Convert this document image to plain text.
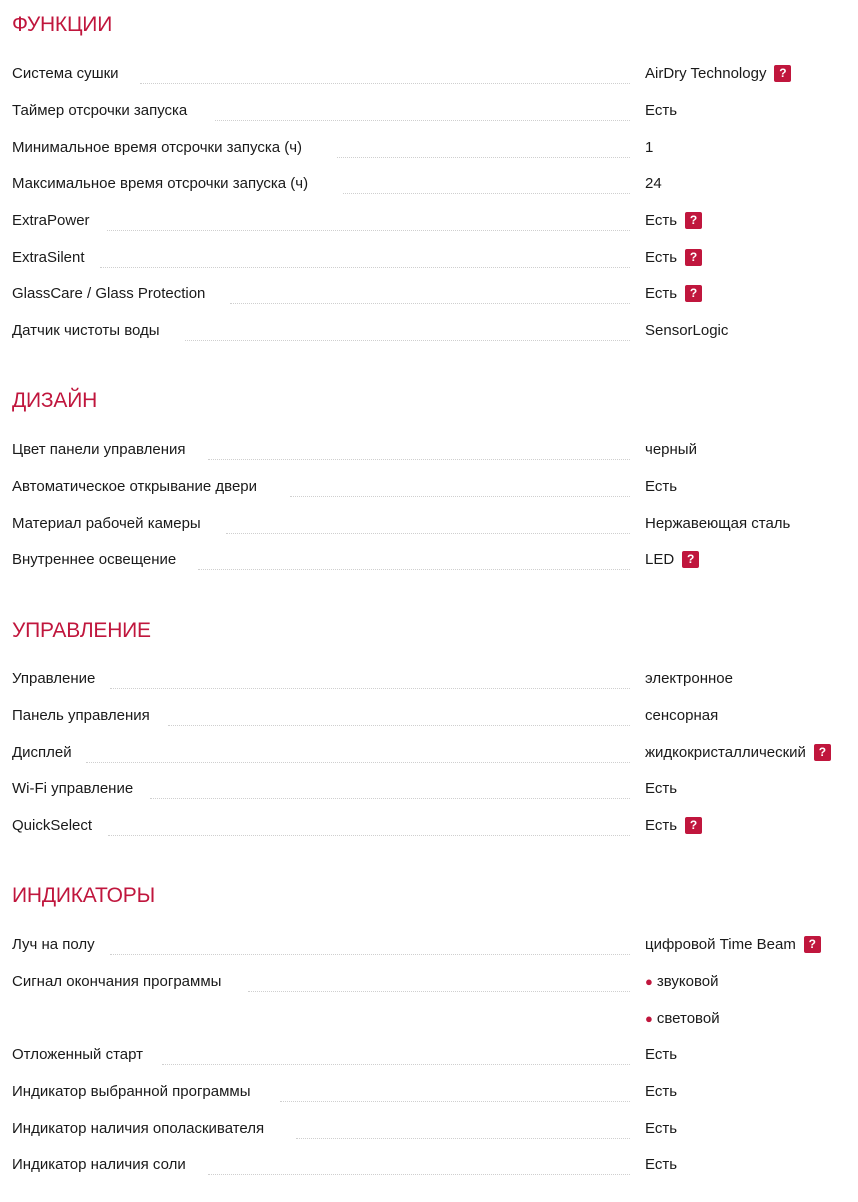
ФУНКЦИИ
Система сушки	AirDry Technology ?
Таймер отсрочки запуска	Есть
Минимальное время отсрочки запуска (ч)	1
Максимальное время отсрочки запуска (ч)	24
ExtraPower	Есть ?
ExtraSilent	Есть ?
GlassCare / Glass Protection	Есть ?
Датчик чистоты воды	SensorLogic
ДИЗАЙН
Цвет панели управления	черный
Автоматическое открывание двери	Есть
Материал рабочей камеры	Нержавеющая сталь
Внутреннее освещение	LED ?
УПРАВЛЕНИЕ
Управление	электронное
Панель управления	сенсорная
Дисплей	жидкокристаллический ?
Wi-Fi управление	Есть
QuickSelect	Есть ?
ИНДИКАТОРЫ
Луч на полу	цифровой Time Beam ?
Сигнал окончания программы	● звуковой
● световой
Отложенный старт	Есть
Индикатор выбранной программы	Есть
Индикатор наличия ополаскивателя	Есть
Индикатор наличия соли	Есть
